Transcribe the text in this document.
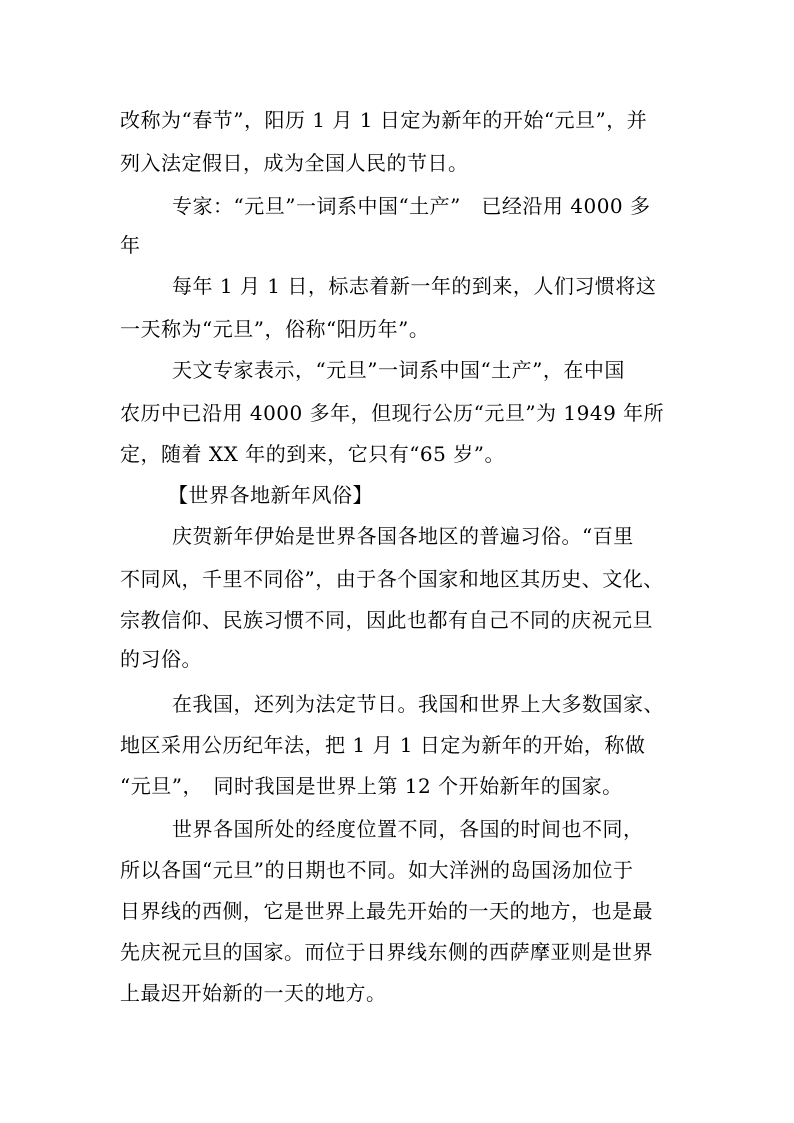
改称为“春节”，阳历 1 月 1 日定为新年的开始“元旦”，并
列入法定假日，成为全国人民的节日。
专家：“元旦”一词系中国“土产”　已经沿用 4000 多
年
每年 1 月 1 日，标志着新一年的到来，人们习惯将这
一天称为“元旦”，俗称“阳历年”。
天文专家表示，“元旦”一词系中国“土产”，在中国
农历中已沿用 4000 多年，但现行公历“元旦”为 1949 年所
定，随着 XX 年的到来，它只有“65 岁”。
【世界各地新年风俗】
庆贺新年伊始是世界各国各地区的普遍习俗。“百里
不同风，千里不同俗”，由于各个国家和地区其历史、文化、
宗教信仰、民族习惯不同，因此也都有自己不同的庆祝元旦
的习俗。
在我国，还列为法定节日。我国和世界上大多数国家、
地区采用公历纪年法，把 1 月 1 日定为新年的开始，称做
“元旦”，　同时我国是世界上第 12 个开始新年的国家。
世界各国所处的经度位置不同，各国的时间也不同，
所以各国“元旦”的日期也不同。如大洋洲的岛国汤加位于
日界线的西侧，它是世界上最先开始的一天的地方，也是最
先庆祝元旦的国家。而位于日界线东侧的西萨摩亚则是世界
上最迟开始新的一天的地方。
